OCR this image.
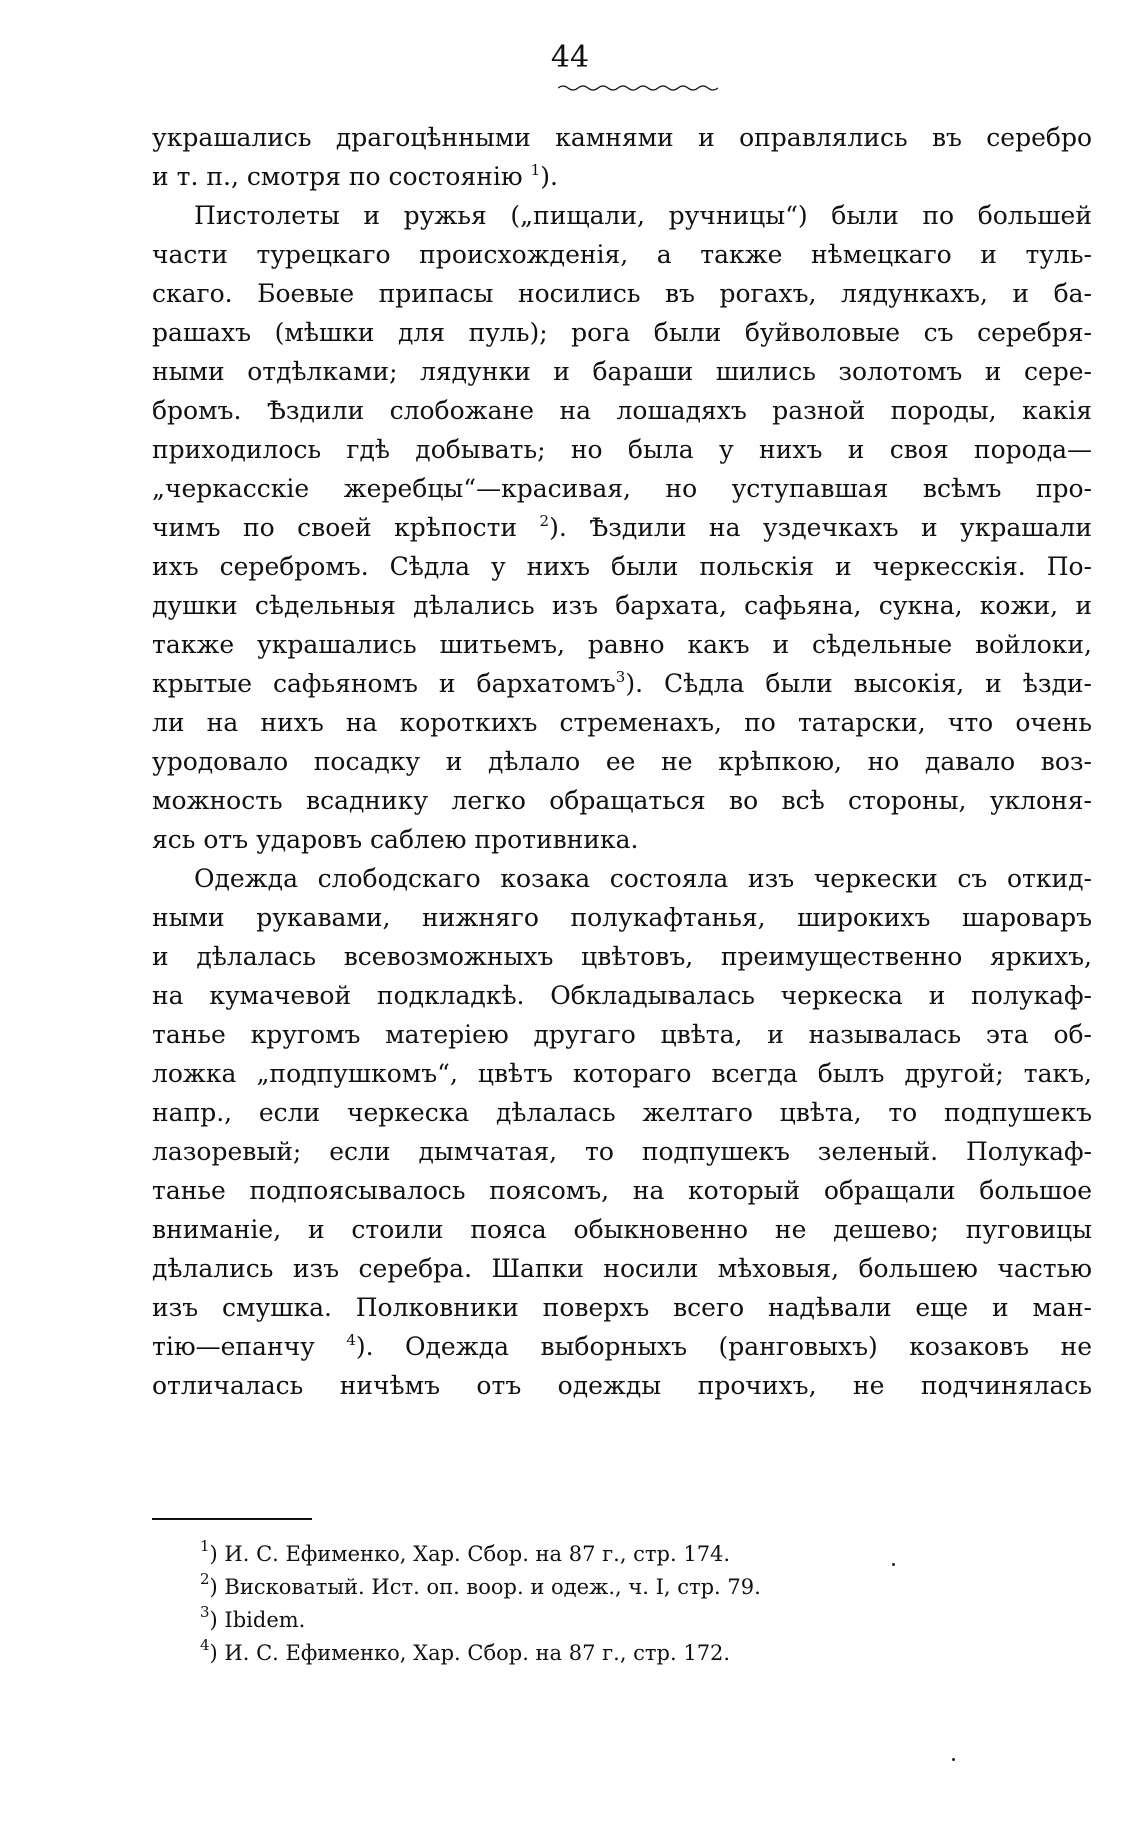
44
украшались драгоцѣнными камнями и оправлялись въ серебро
и т. п., смотря по состоянію $^1$).
Пистолеты и ружья („пищали, ручницы“) были по большей
части турецкаго происхожденія, а также нѣмецкаго и туль-
скаго. Боевые припасы носились въ рогахъ, лядункахъ, и ба-
рашахъ (мѣшки для пуль); рога были буйволовые съ серебря-
ными отдѣлками; лядунки и бараши шились золотомъ и сере-
бромъ. Ѣздили слобожане на лошадяхъ разной породы, какія
приходилось гдѣ добывать; но была у нихъ и своя порода—
„черкасскіе жеребцы“—красивая, но уступавшая всѣмъ про-
чимъ по своей крѣпости $^2$). Ѣздили на уздечкахъ и украшали
ихъ серебромъ. Сѣдла у нихъ были польскія и черкесскія. По-
душки сѣдельныя дѣлались изъ бархата, сафьяна, сукна, кожи, и
также украшались шитьемъ, равно какъ и сѣдельные войлоки,
крытые сафьяномъ и бархатомъ$^3$). Сѣдла были высокія, и ѣзди-
ли на нихъ на короткихъ стременахъ, по татарски, что очень
уродовало посадку и дѣлало ее не крѣпкою, но давало воз-
можность всаднику легко обращаться во всѣ стороны, уклоня-
ясь отъ ударовъ саблею противника.
Одежда слободскаго козака состояла изъ черкески съ откид-
ными рукавами, нижняго полукафтанья, широкихъ шароваръ
и дѣлалась всевозможныхъ цвѣтовъ, преимущественно яркихъ,
на кумачевой подкладкѣ. Обкладывалась черкеска и полукаф-
танье кругомъ матеріею другаго цвѣта, и называлась эта об-
ложка „подпушкомъ“, цвѣтъ котораго всегда былъ другой; такъ,
напр., если черкеска дѣлалась желтаго цвѣта, то подпушекъ
лазоревый; если дымчатая, то подпушекъ зеленый. Полукаф-
танье подпоясывалось поясомъ, на который обращали большое
вниманіе, и стоили пояса обыкновенно не дешево; пуговицы
дѣлались изъ серебра. Шапки носили мѣховыя, большею частью
изъ смушка. Полковники поверхъ всего надѣвали еще и ман-
тію—епанчу $^4$). Одежда выборныхъ (ранговыхъ) козаковъ не
отличалась ничѣмъ отъ одежды прочихъ, не подчинялась
$^1$) И. С. Ефименко, Хар. Сбор. на 87 г., стр. 174.
$^2$) Висковатый. Ист. оп. воор. и одеж., ч. I, стр. 79.
$^3$) Ibidem.
$^4$) И. С. Ефименко, Хар. Сбор. на 87 г., стр. 172.
